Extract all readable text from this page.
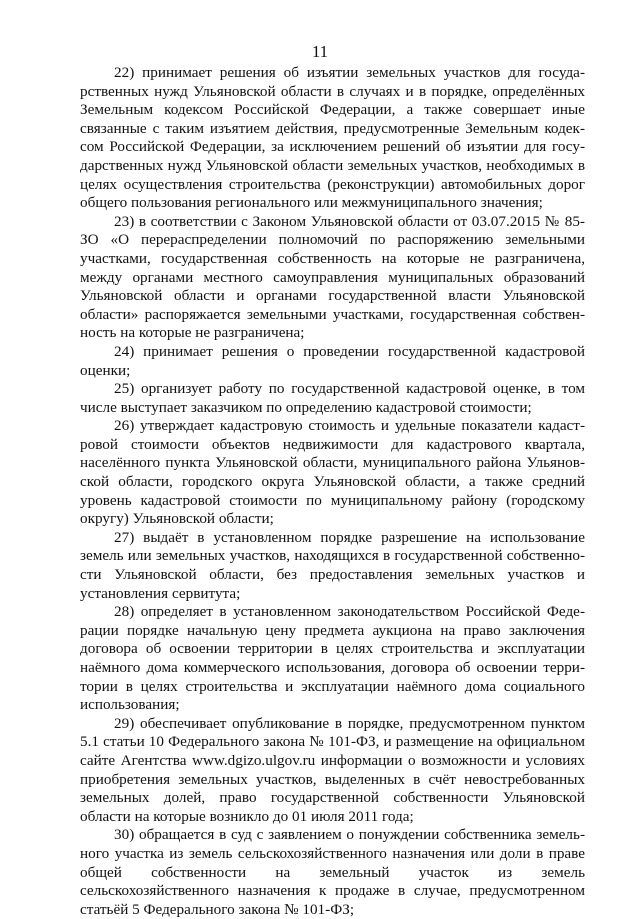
11

22) принимает решения об изъятии земельных участков для государственных нужд Ульяновской области в случаях и в порядке, определённых Земельным кодексом Российской Федерации, а также совершает иные связанные с таким изъятием действия, предусмотренные Земельным кодексом Российской Федерации, за исключением решений об изъятии для государственных нужд Ульяновской области земельных участков, необходимых в целях осуществления строительства (реконструкции) автомобильных дорог общего пользования регионального или межмуниципального значения;

23) в соответствии с Законом Ульяновской области от 03.07.2015 № 85-ЗО «О перераспределении полномочий по распоряжению земельными участками, государственная собственность на которые не разграничена, между органами местного самоуправления муниципальных образований Ульяновской области и органами государственной власти Ульяновской области» распоряжается земельными участками, государственная собственность на которые не разграничена;

24) принимает решения о проведении государственной кадастровой оценки;

25) организует работу по государственной кадастровой оценке, в том числе выступает заказчиком по определению кадастровой стоимости;

26) утверждает кадастровую стоимость и удельные показатели кадастровой стоимости объектов недвижимости для кадастрового квартала, населённого пункта Ульяновской области, муниципального района Ульяновской области, городского округа Ульяновской области, а также средний уровень кадастровой стоимости по муниципальному району (городскому округу) Ульяновской области;

27) выдаёт в установленном порядке разрешение на использование земель или земельных участков, находящихся в государственной собственности Ульяновской области, без предоставления земельных участков и установления сервитута;

28) определяет в установленном законодательством Российской Федерации порядке начальную цену предмета аукциона на право заключения договора об освоении территории в целях строительства и эксплуатации наёмного дома коммерческого использования, договора об освоении территории в целях строительства и эксплуатации наёмного дома социального использования;

29) обеспечивает опубликование в порядке, предусмотренном пунктом 5.1 статьи 10 Федерального закона № 101-ФЗ, и размещение на официальном сайте Агентства www.dgizo.ulgov.ru информации о возможности и условиях приобретения земельных участков, выделенных в счёт невостребованных земельных долей, право государственной собственности Ульяновской области на которые возникло до 01 июля 2011 года;

30) обращается в суд с заявлением о понуждении собственника земельного участка из земель сельскохозяйственного назначения или доли в праве общей собственности на земельный участок из земель сельскохозяйственного назначения к продаже в случае, предусмотренном статьёй 5 Федерального закона № 101-ФЗ;
